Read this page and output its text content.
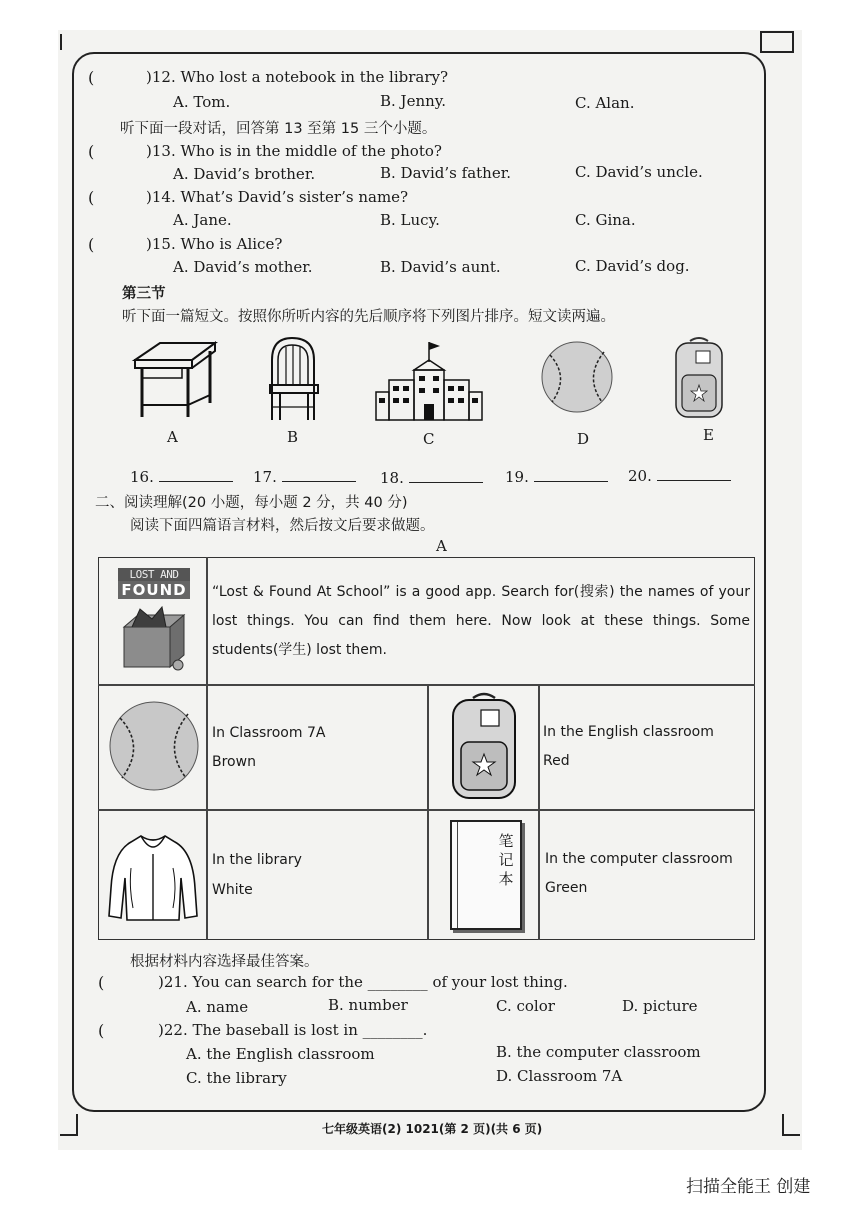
(	)12. Who lost a notebook in the library?
A. Tom.	B. Jenny.	C. Alan.
听下面一段对话，回答第 13 至第 15 三个小题。
(	)13. Who is in the middle of the photo?
A. David’s brother.	B. David’s father.	C. David’s uncle.
(	)14. What’s David’s sister’s name?
A. Jane.	B. Lucy.	C. Gina.
(	)15. Who is Alice?
A. David’s mother.	B. David’s aunt.	C. David’s dog.
第三节
听下面一篇短文。按照你所听内容的先后顺序将下列图片排序。短文读两遍。
A	B	C	D	E
16.	17.	18.	19.	20.
二、阅读理解(20 小题，每小题 2 分，共 40 分)
阅读下面四篇语言材料，然后按文后要求做题。
A
LOST AND
FOUND “Lost & Found At School” is a good app. Search for(搜索) the names of your lost things. You can find them here. Now look at these things. Some students(学生) lost them.
In Classroom 7A
Brown
In the English classroom
Red
In the library
White
笔
记
本
In the computer classroom
Green
根据材料内容选择最佳答案。
(	)21. You can search for the ________ of your lost thing.
A. name	B. number	C. color	D. picture
(	)22. The baseball is lost in ________.
A. the English classroom	B. the computer classroom
C. the library	D. Classroom 7A
七年级英语(2) 1021(第 2 页)(共 6 页)
扫描全能王 创建
